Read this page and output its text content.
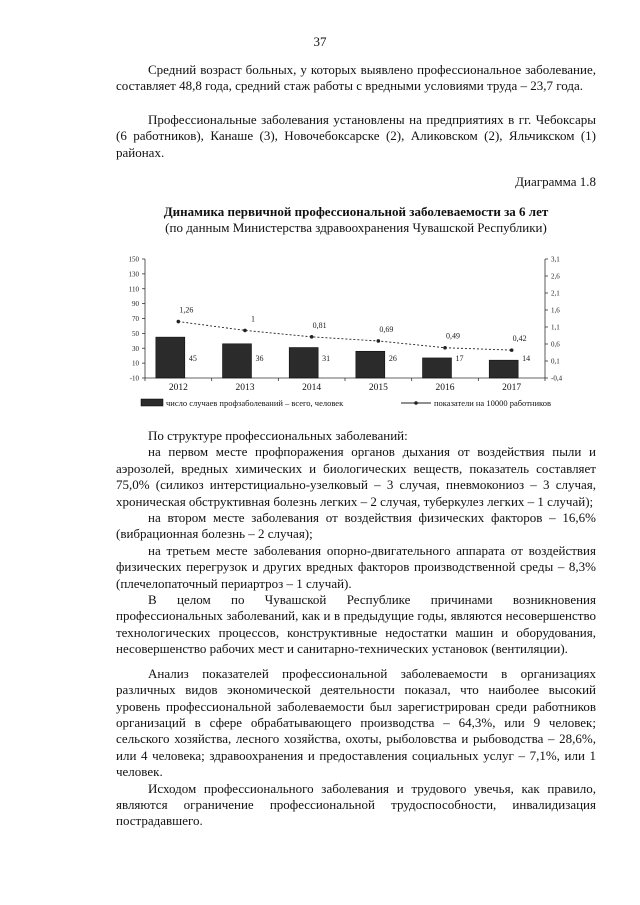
37

Средний возраст больных, у которых выявлено профессиональное заболевание, составляет 48,8 года, средний стаж работы с вредными условиями труда – 23,7 года.

Профессиональные заболевания установлены на предприятиях в гг. Чебоксары (6 работников), Канаше (3), Новочебоксарске (2), Аликовском (2), Яльчикском (1) районах.

Диаграмма 1.8
Динамика первичной профессиональной заболеваемости за 6 лет
(по данным Министерства здравоохранения Чувашской Республики)
150
130
110
90
70
50
30
10
-10
3,1
2,6
2,1
1,6
1,1
0,6
0,1
-0,4
45
2012
36
2013
31
2014
26
2015
17
2016
14
2017
1,26
1
0,81	0,69
0,49	0,42
число случаев профзаболеваний – всего, человек	показатели на 10000 работников

По структуре профессиональных заболеваний:

на первом месте профпоражения органов дыхания от воздействия пыли и аэрозолей, вредных химических и биологических веществ, показатель составляет 75,0% (силикоз интерстициально-узелковый – 3 случая, пневмокониоз – 3 случая, хроническая обструктивная болезнь легких – 2 случая, туберкулез легких – 1 случай);

на втором месте заболевания от воздействия физических факторов – 16,6% (вибрационная болезнь – 2 случая);

на третьем месте заболевания опорно-двигательного аппарата от воздействия физических перегрузок и других вредных факторов производственной среды – 8,3% (плечелопаточный периартроз – 1 случай).

В целом по Чувашской Республике причинами возникновения профессиональных заболеваний, как и в предыдущие годы, являются несовершенство технологических процессов, конструктивные недостатки машин и оборудования, несовершенство рабочих мест и санитарно-технических установок (вентиляции).

Анализ показателей профессиональной заболеваемости в организациях различных видов экономической деятельности показал, что наиболее высокий уровень профессиональной заболеваемости был зарегистрирован среди работников организаций в сфере обрабатывающего производства – 64,3%, или 9 человек; сельского хозяйства, лесного хозяйства, охоты, рыболовства и рыбоводства – 28,6%, или 4 человека; здравоохранения и предоставления социальных услуг – 7,1%, или 1 человек.

Исходом профессионального заболевания и трудового увечья, как правило, являются ограничение профессиональной трудоспособности, инвалидизация пострадавшего.
